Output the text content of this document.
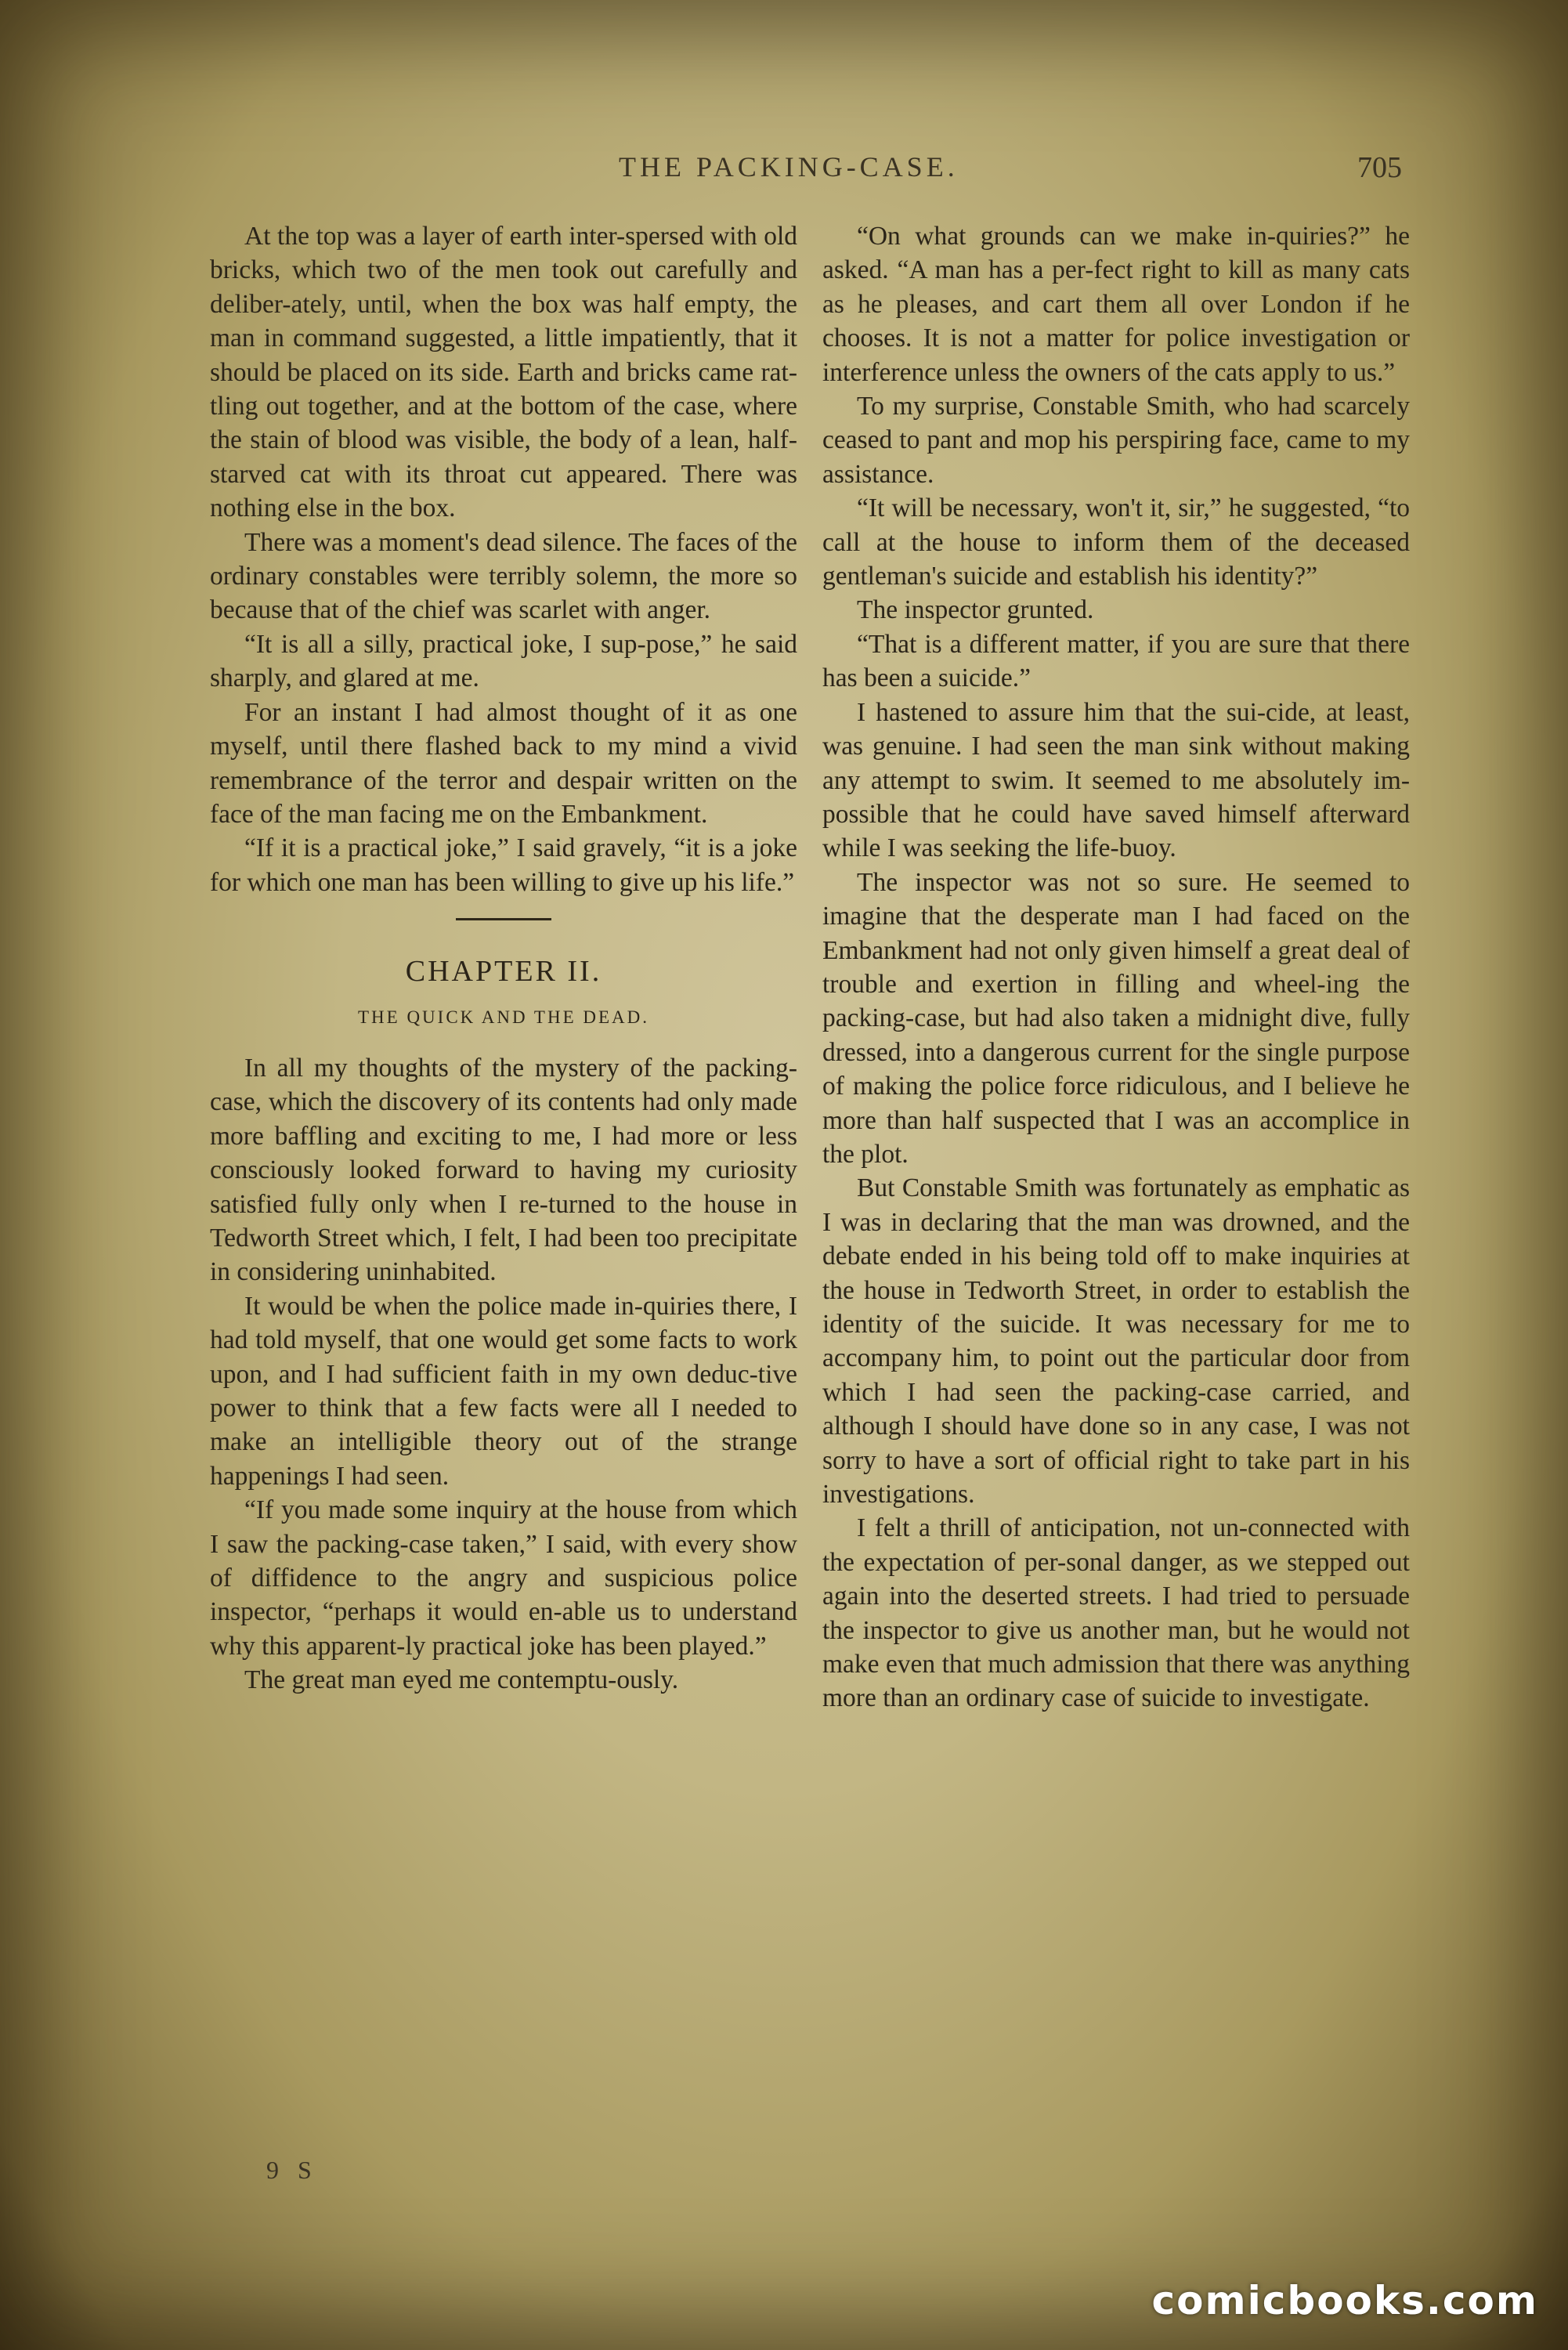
THE PACKING-CASE.	705

At the top was a layer of earth inter-spersed with old bricks, which two of the men took out carefully and deliber-ately, until, when the box was half empty, the man in command suggested, a little impatiently, that it should be placed on its side. Earth and bricks came rat-tling out together, and at the bottom of the case, where the stain of blood was visible, the body of a lean, half-starved cat with its throat cut appeared. There was nothing else in the box.

There was a moment's dead silence. The faces of the ordinary constables were terribly solemn, the more so because that of the chief was scarlet with anger.

“It is all a silly, practical joke, I sup-pose,” he said sharply, and glared at me.

For an instant I had almost thought of it as one myself, until there flashed back to my mind a vivid remembrance of the terror and despair written on the face of the man facing me on the Embankment.

“If it is a practical joke,” I said gravely, “it is a joke for which one man has been willing to give up his life.”

CHAPTER II.
THE QUICK AND THE DEAD.

In all my thoughts of the mystery of the packing-case, which the discovery of its contents had only made more baffling and exciting to me, I had more or less consciously looked forward to having my curiosity satisfied fully only when I re-turned to the house in Tedworth Street which, I felt, I had been too precipitate in considering uninhabited.

It would be when the police made in-quiries there, I had told myself, that one would get some facts to work upon, and I had sufficient faith in my own deduc-tive power to think that a few facts were all I needed to make an intelligible theory out of the strange happenings I had seen.

“If you made some inquiry at the house from which I saw the packing-case taken,” I said, with every show of diffidence to the angry and suspicious police inspector, “perhaps it would en-able us to understand why this apparent-ly practical joke has been played.”

The great man eyed me contemptu-ously.

“On what grounds can we make in-quiries?” he asked. “A man has a per-fect right to kill as many cats as he pleases, and cart them all over London if he chooses. It is not a matter for police investigation or interference unless the owners of the cats apply to us.”

To my surprise, Constable Smith, who had scarcely ceased to pant and mop his perspiring face, came to my assistance.

“It will be necessary, won't it, sir,” he suggested, “to call at the house to inform them of the deceased gentleman's suicide and establish his identity?”

The inspector grunted.

“That is a different matter, if you are sure that there has been a suicide.”

I hastened to assure him that the sui-cide, at least, was genuine. I had seen the man sink without making any attempt to swim. It seemed to me absolutely im-possible that he could have saved himself afterward while I was seeking the life-buoy.

The inspector was not so sure. He seemed to imagine that the desperate man I had faced on the Embankment had not only given himself a great deal of trouble and exertion in filling and wheel-ing the packing-case, but had also taken a midnight dive, fully dressed, into a dangerous current for the single purpose of making the police force ridiculous, and I believe he more than half suspected that I was an accomplice in the plot.

But Constable Smith was fortunately as emphatic as I was in declaring that the man was drowned, and the debate ended in his being told off to make inquiries at the house in Tedworth Street, in order to establish the identity of the suicide. It was necessary for me to accompany him, to point out the particular door from which I had seen the packing-case carried, and although I should have done so in any case, I was not sorry to have a sort of official right to take part in his investigations.

I felt a thrill of anticipation, not un-connected with the expectation of per-sonal danger, as we stepped out again into the deserted streets. I had tried to persuade the inspector to give us another man, but he would not make even that much admission that there was anything more than an ordinary case of suicide to investigate.

9 S
comicbooks.com
